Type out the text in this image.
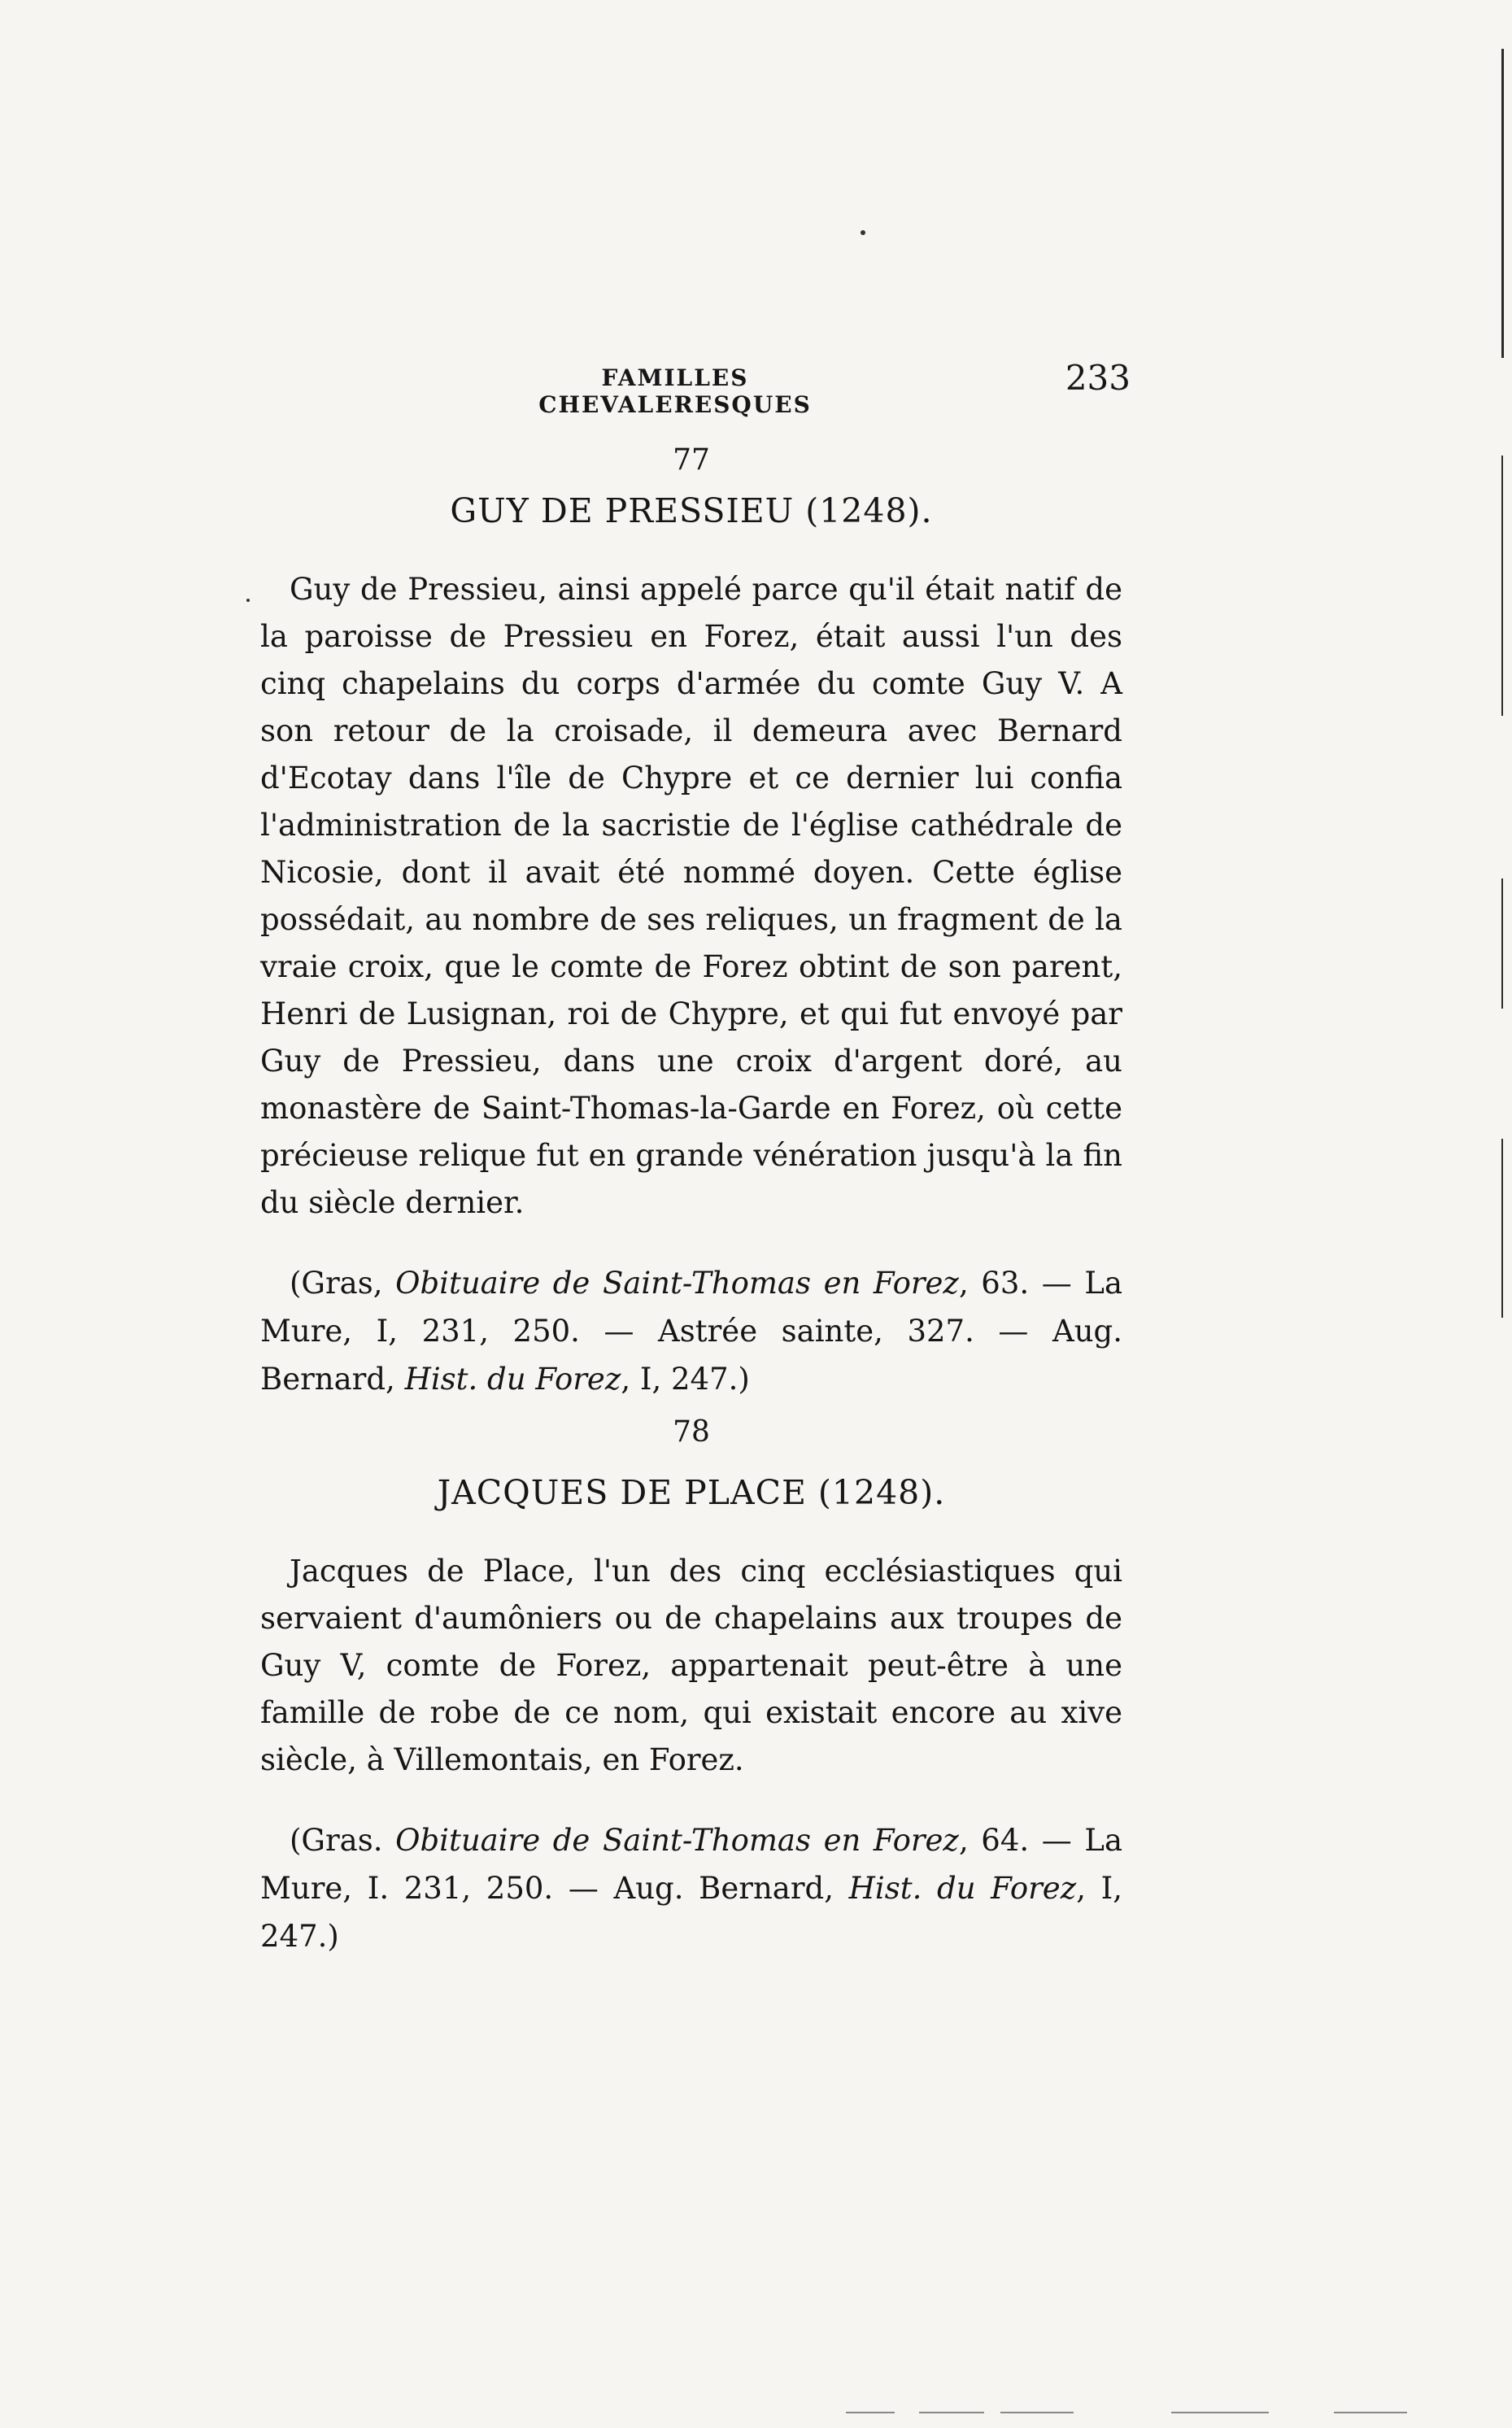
FAMILLES CHEVALERESQUES
233

77

GUY DE PRESSIEU (1248).

Guy de Pressieu, ainsi appelé parce qu'il était natif de la paroisse de Pressieu en Forez, était aussi l'un des cinq chapelains du corps d'armée du comte Guy V. A son retour de la croisade, il demeura avec Bernard d'Ecotay dans l'île de Chypre et ce dernier lui confia l'administration de la sacristie de l'église cathédrale de Nicosie, dont il avait été nommé doyen. Cette église possédait, au nombre de ses reliques, un fragment de la vraie croix, que le comte de Forez obtint de son parent, Henri de Lusignan, roi de Chypre, et qui fut envoyé par Guy de Pressieu, dans une croix d'argent doré, au monastère de Saint-Thomas-la-Garde en Forez, où cette précieuse relique fut en grande vénération jusqu'à la fin du siècle dernier.

(Gras, Obituaire de Saint-Thomas en Forez, 63. — La Mure, I, 231, 250. — Astrée sainte, 327. — Aug. Bernard, Hist. du Forez, I, 247.)

78

JACQUES DE PLACE (1248).

Jacques de Place, l'un des cinq ecclésiastiques qui servaient d'aumôniers ou de chapelains aux troupes de Guy V, comte de Forez, appartenait peut-être à une famille de robe de ce nom, qui existait encore au xive siècle, à Villemontais, en Forez.

(Gras. Obituaire de Saint-Thomas en Forez, 64. — La Mure, I. 231, 250. — Aug. Bernard, Hist. du Forez, I, 247.)
